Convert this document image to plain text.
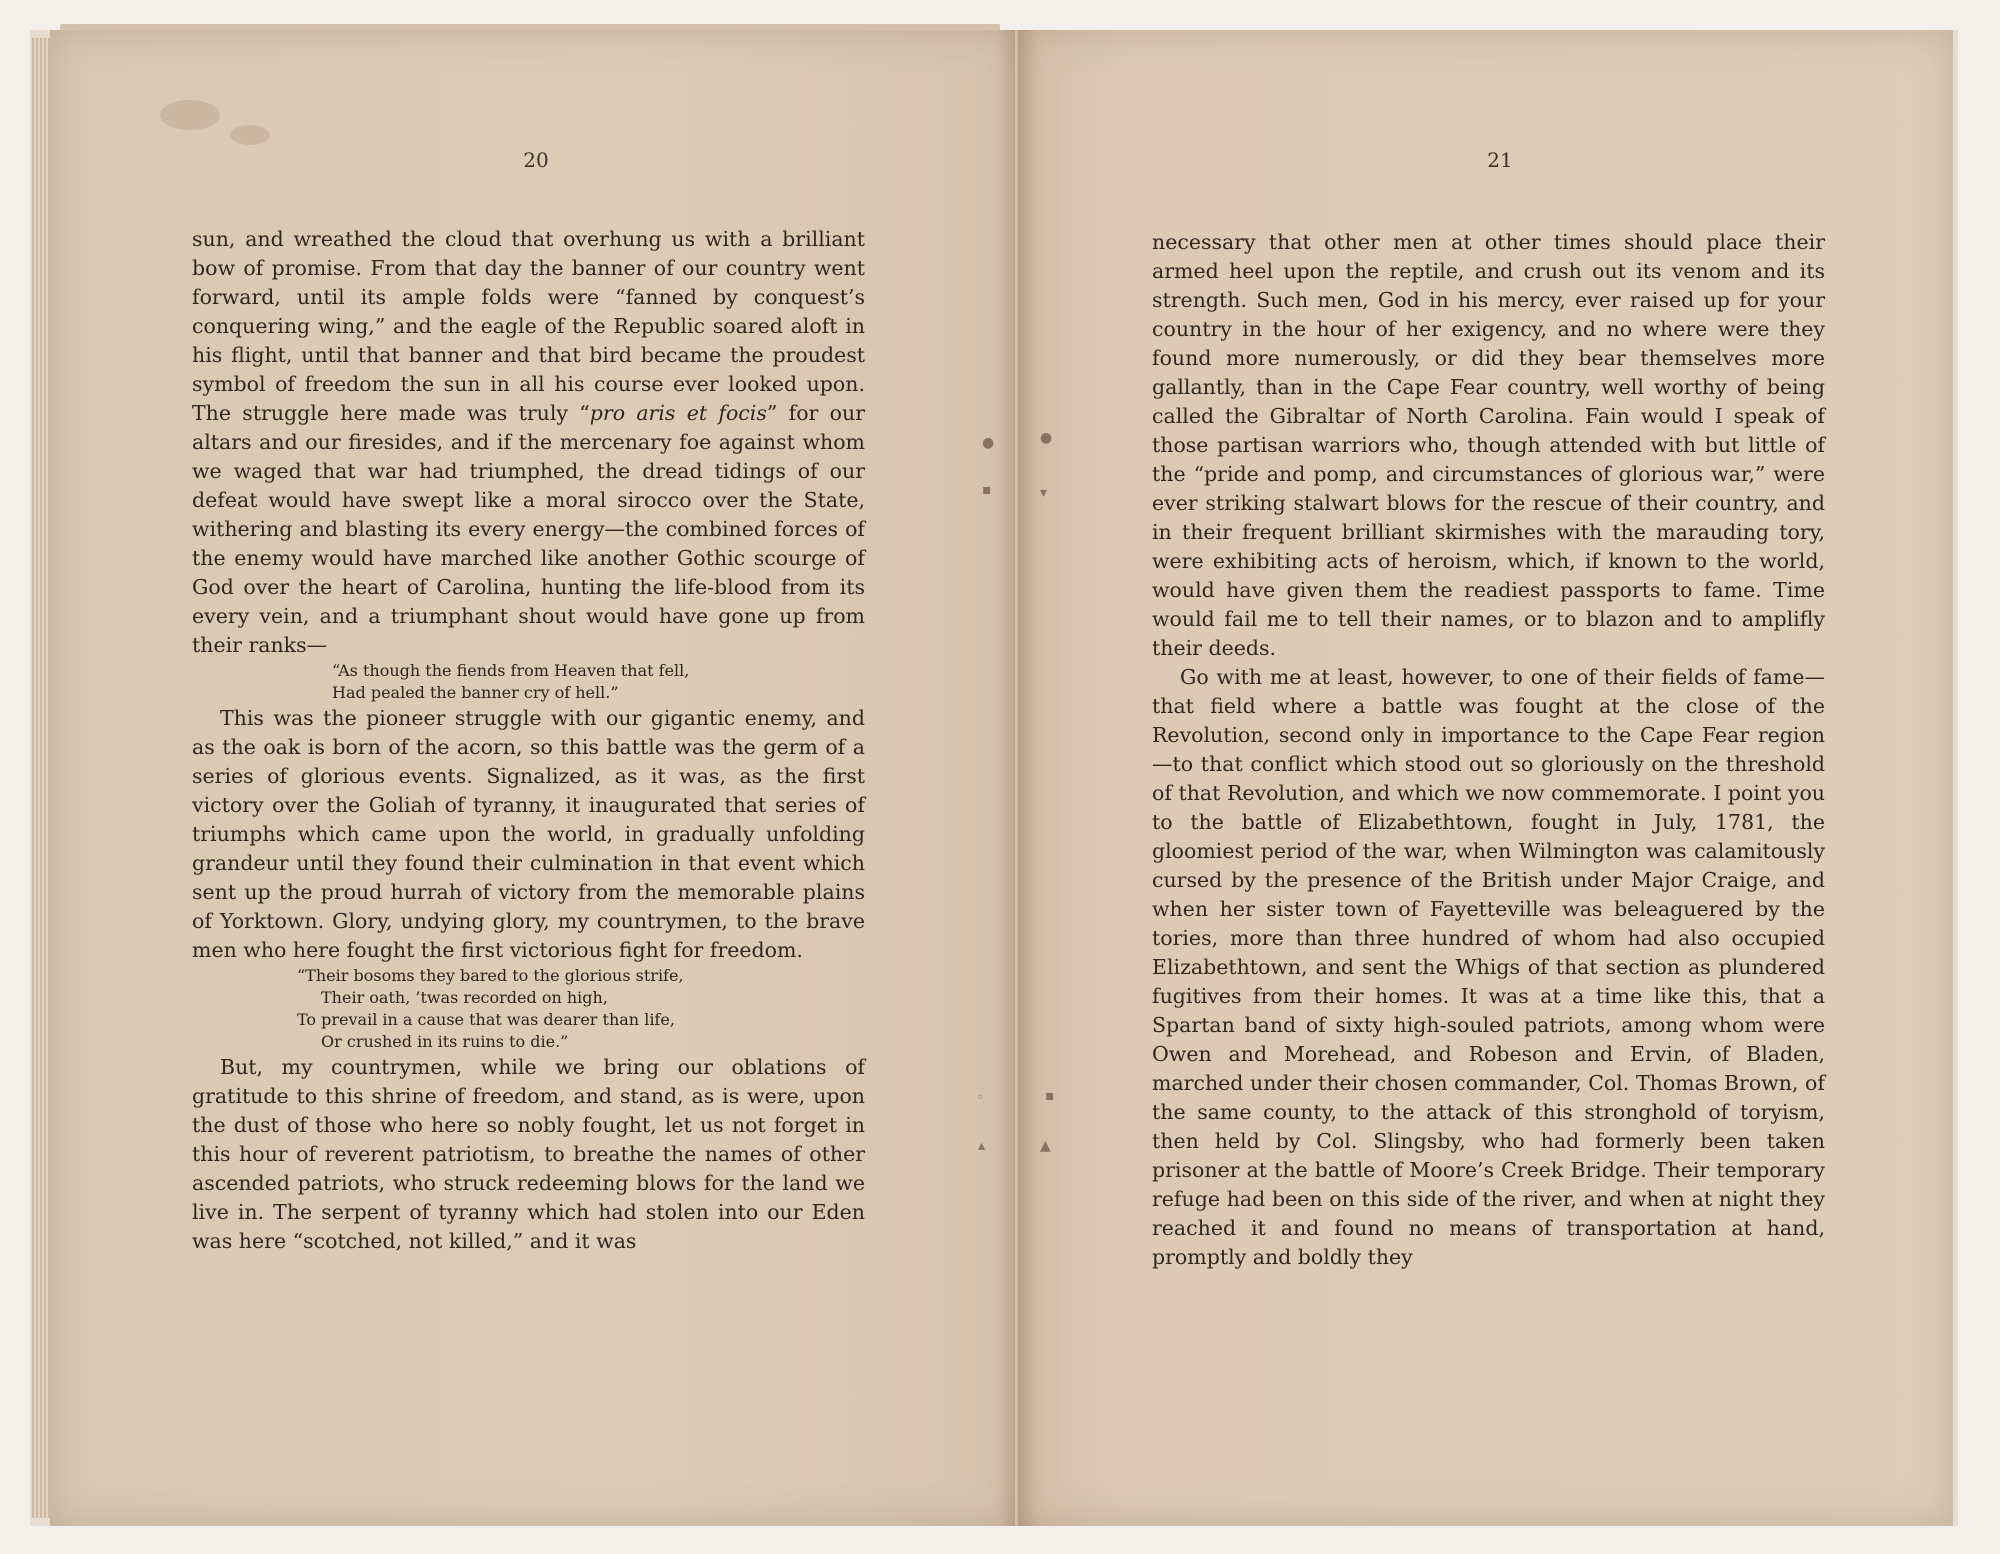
●	●
▪	▾
◦	▪
▴	▲
20	21

sun, and wreathed the cloud that overhung us with a brilliant bow of promise. From that day the banner of our country went forward, until its ample folds were “fanned by conquest’s conquering wing,” and the eagle of the Republic soared aloft in his flight, until that banner and that bird became the proudest symbol of freedom the sun in all his course ever looked upon. The struggle here made was truly “pro aris et focis” for our altars and our firesides, and if the mercenary foe against whom we waged that war had triumphed, the dread tidings of our defeat would have swept like a moral sirocco over the State, withering and blasting its every energy—the combined forces of the enemy would have marched like another Gothic scourge of God over the heart of Carolina, hunting the life-blood from its every vein, and a triumphant shout would have gone up from their ranks—

“As though the fiends from Heaven that fell,
Had pealed the banner cry of hell.”

This was the pioneer struggle with our gigantic enemy, and as the oak is born of the acorn, so this battle was the germ of a series of glorious events. Signalized, as it was, as the first victory over the Goliah of tyranny, it inaugurated that series of triumphs which came upon the world, in gradually unfolding grandeur until they found their culmination in that event which sent up the proud hurrah of victory from the memorable plains of Yorktown. Glory, undying glory, my countrymen, to the brave men who here fought the first victorious fight for freedom.

“Their bosoms they bared to the glorious strife,
Their oath, ’twas recorded on high,
To prevail in a cause that was dearer than life,
Or crushed in its ruins to die.”

But, my countrymen, while we bring our oblations of gratitude to this shrine of freedom, and stand, as is were, upon the dust of those who here so nobly fought, let us not forget in this hour of reverent patriotism, to breathe the names of other ascended patriots, who struck redeeming blows for the land we live in. The serpent of tyranny which had stolen into our Eden was here “scotched, not killed,” and it was

necessary that other men at other times should place their armed heel upon the reptile, and crush out its venom and its strength. Such men, God in his mercy, ever raised up for your country in the hour of her exigency, and no where were they found more numerously, or did they bear themselves more gallantly, than in the Cape Fear country, well worthy of being called the Gibraltar of North Carolina. Fain would I speak of those partisan warriors who, though attended with but little of the “pride and pomp, and circumstances of glorious war,” were ever striking stalwart blows for the rescue of their country, and in their frequent brilliant skirmishes with the marauding tory, were exhibiting acts of heroism, which, if known to the world, would have given them the readiest passports to fame. Time would fail me to tell their names, or to blazon and to amplifly their deeds.

Go with me at least, however, to one of their fields of fame—that field where a battle was fought at the close of the Revolution, second only in importance to the Cape Fear region—to that conflict which stood out so gloriously on the threshold of that Revolution, and which we now commemorate. I point you to the battle of Elizabethtown, fought in July, 1781, the gloomiest period of the war, when Wilmington was calamitously cursed by the presence of the British under Major Craige, and when her sister town of Fayetteville was beleaguered by the tories, more than three hundred of whom had also occupied Elizabethtown, and sent the Whigs of that section as plundered fugitives from their homes. It was at a time like this, that a Spartan band of sixty high-souled patriots, among whom were Owen and Morehead, and Robeson and Ervin, of Bladen, marched under their chosen commander, Col. Thomas Brown, of the same county, to the attack of this stronghold of toryism, then held by Col. Slingsby, who had formerly been taken prisoner at the battle of Moore’s Creek Bridge. Their temporary refuge had been on this side of the river, and when at night they reached it and found no means of transportation at hand, promptly and boldly they
